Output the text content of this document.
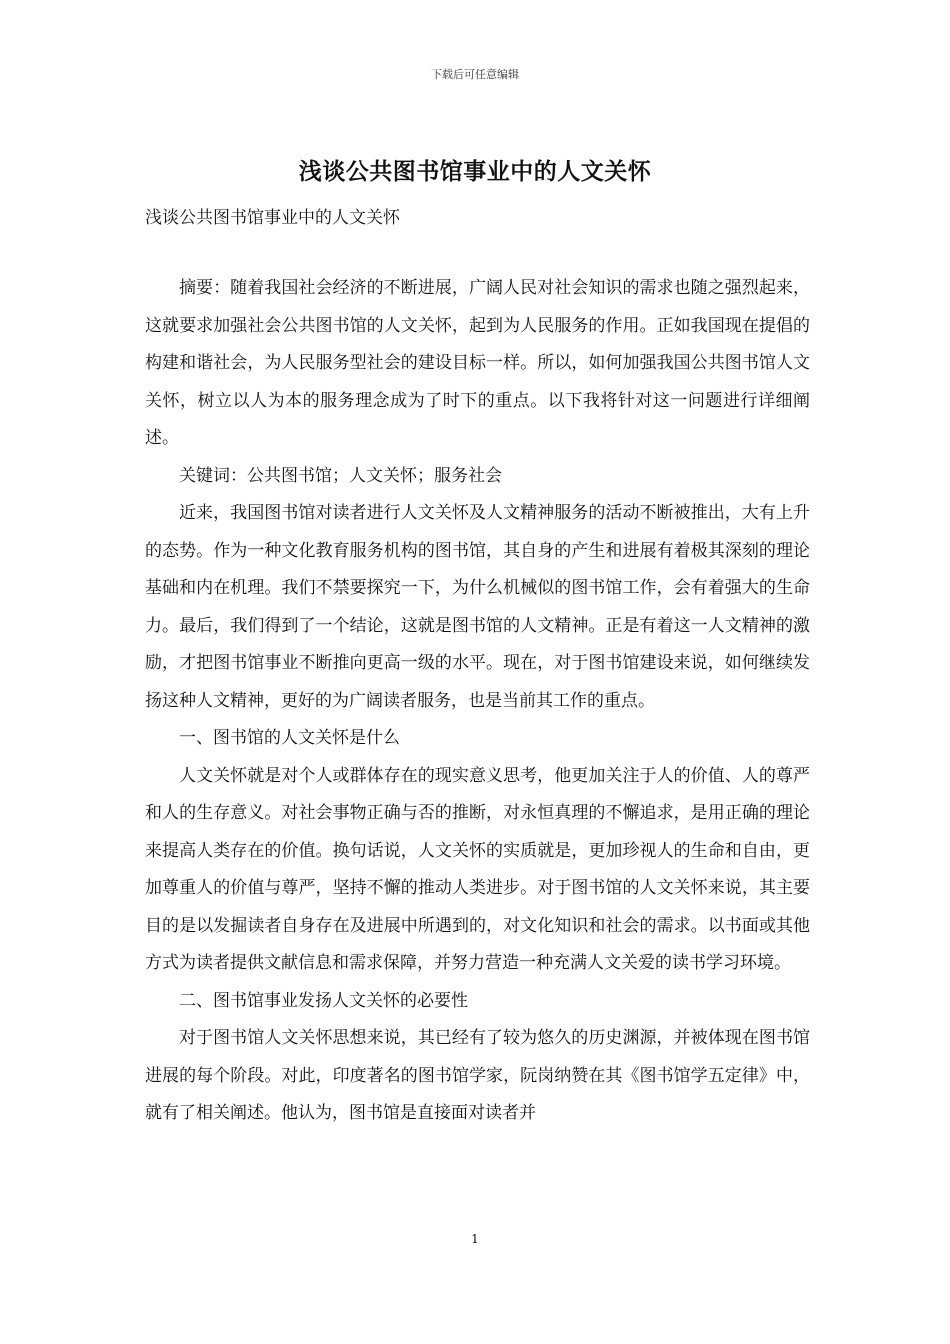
下载后可任意编辑
浅谈公共图书馆事业中的人文关怀
浅谈公共图书馆事业中的人文关怀

摘要：随着我国社会经济的不断进展，广阔人民对社会知识的需求也随之强烈起来，这就要求加强社会公共图书馆的人文关怀，起到为人民服务的作用。正如我国现在提倡的构建和谐社会，为人民服务型社会的建设目标一样。所以，如何加强我国公共图书馆人文关怀，树立以人为本的服务理念成为了时下的重点。以下我将针对这一问题进行详细阐述。

关键词：公共图书馆；人文关怀；服务社会

近来，我国图书馆对读者进行人文关怀及人文精神服务的活动不断被推出，大有上升的态势。作为一种文化教育服务机构的图书馆，其自身的产生和进展有着极其深刻的理论基础和内在机理。我们不禁要探究一下，为什么机械似的图书馆工作，会有着强大的生命力。最后，我们得到了一个结论，这就是图书馆的人文精神。正是有着这一人文精神的激励，才把图书馆事业不断推向更高一级的水平。现在，对于图书馆建设来说，如何继续发扬这种人文精神，更好的为广阔读者服务，也是当前其工作的重点。

一、图书馆的人文关怀是什么

人文关怀就是对个人或群体存在的现实意义思考，他更加关注于人的价值、人的尊严和人的生存意义。对社会事物正确与否的推断，对永恒真理的不懈追求，是用正确的理论来提高人类存在的价值。换句话说，人文关怀的实质就是，更加珍视人的生命和自由，更加尊重人的价值与尊严，坚持不懈的推动人类进步。对于图书馆的人文关怀来说，其主要目的是以发掘读者自身存在及进展中所遇到的，对文化知识和社会的需求。以书面或其他方式为读者提供文献信息和需求保障，并努力营造一种充满人文关爱的读书学习环境。

二、图书馆事业发扬人文关怀的必要性

对于图书馆人文关怀思想来说，其已经有了较为悠久的历史渊源，并被体现在图书馆进展的每个阶段。对此，印度著名的图书馆学家，阮岗纳赞在其《图书馆学五定律》中，就有了相关阐述。他认为，图书馆是直接面对读者并

1
